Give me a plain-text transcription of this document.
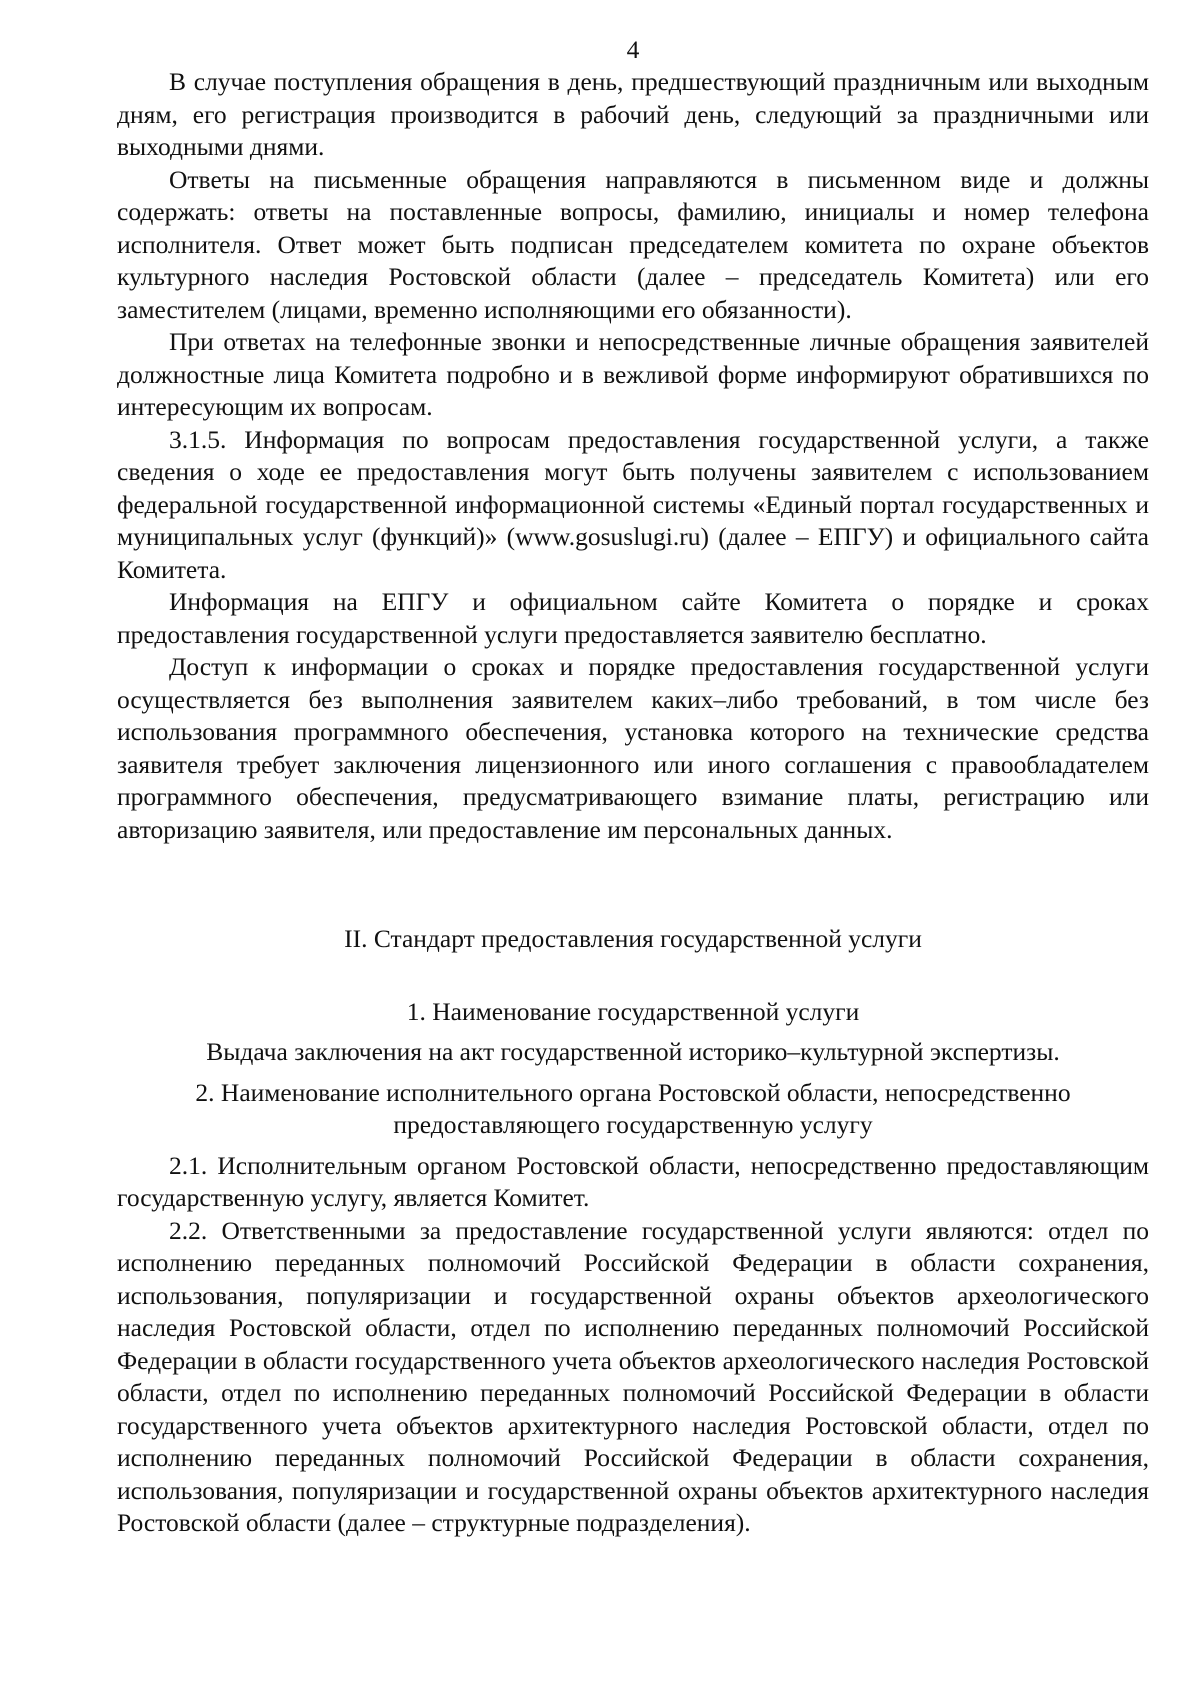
4

В случае поступления обращения в день, предшествующий праздничным или выходным дням, его регистрация производится в рабочий день, следующий за праздничными или выходными днями.

Ответы на письменные обращения направляются в письменном виде и должны содержать: ответы на поставленные вопросы, фамилию, инициалы и номер телефона исполнителя. Ответ может быть подписан председателем комитета по охране объектов культурного наследия Ростовской области (далее – председатель Комитета) или его заместителем (лицами, временно исполняющими его обязанности).

При ответах на телефонные звонки и непосредственные личные обращения заявителей должностные лица Комитета подробно и в вежливой форме информируют обратившихся по интересующим их вопросам.

3.1.5. Информация по вопросам предоставления государственной услуги, а также сведения о ходе ее предоставления могут быть получены заявителем с использованием федеральной государственной информационной системы «Единый портал государственных и муниципальных услуг (функций)» (www.gosuslugi.ru) (далее – ЕПГУ) и официального сайта Комитета.

Информация на ЕПГУ и официальном сайте Комитета о порядке и сроках предоставления государственной услуги предоставляется заявителю бесплатно.

Доступ к информации о сроках и порядке предоставления государственной услуги осуществляется без выполнения заявителем каких–либо требований, в том числе без использования программного обеспечения, установка которого на технические средства заявителя требует заключения лицензионного или иного соглашения с правообладателем программного обеспечения, предусматривающего взимание платы, регистрацию или авторизацию заявителя, или предоставление им персональных данных.

II. Стандарт предоставления государственной услуги
1. Наименование государственной услуги
Выдача заключения на акт государственной историко–культурной экспертизы.
2. Наименование исполнительного органа Ростовской области, непосредственно
предоставляющего государственную услугу

2.1. Исполнительным органом Ростовской области, непосредственно предоставляющим государственную услугу, является Комитет.

2.2. Ответственными за предоставление государственной услуги являются: отдел по исполнению переданных полномочий Российской Федерации в области сохранения, использования, популяризации и государственной охраны объектов археологического наследия Ростовской области, отдел по исполнению переданных полномочий Российской Федерации в области государственного учета объектов археологического наследия Ростовской области, отдел по исполнению переданных полномочий Российской Федерации в области государственного учета объектов архитектурного наследия Ростовской области, отдел по исполнению переданных полномочий Российской Федерации в области сохранения, использования, популяризации и государственной охраны объектов архитектурного наследия Ростовской области (далее – структурные подразделения).
